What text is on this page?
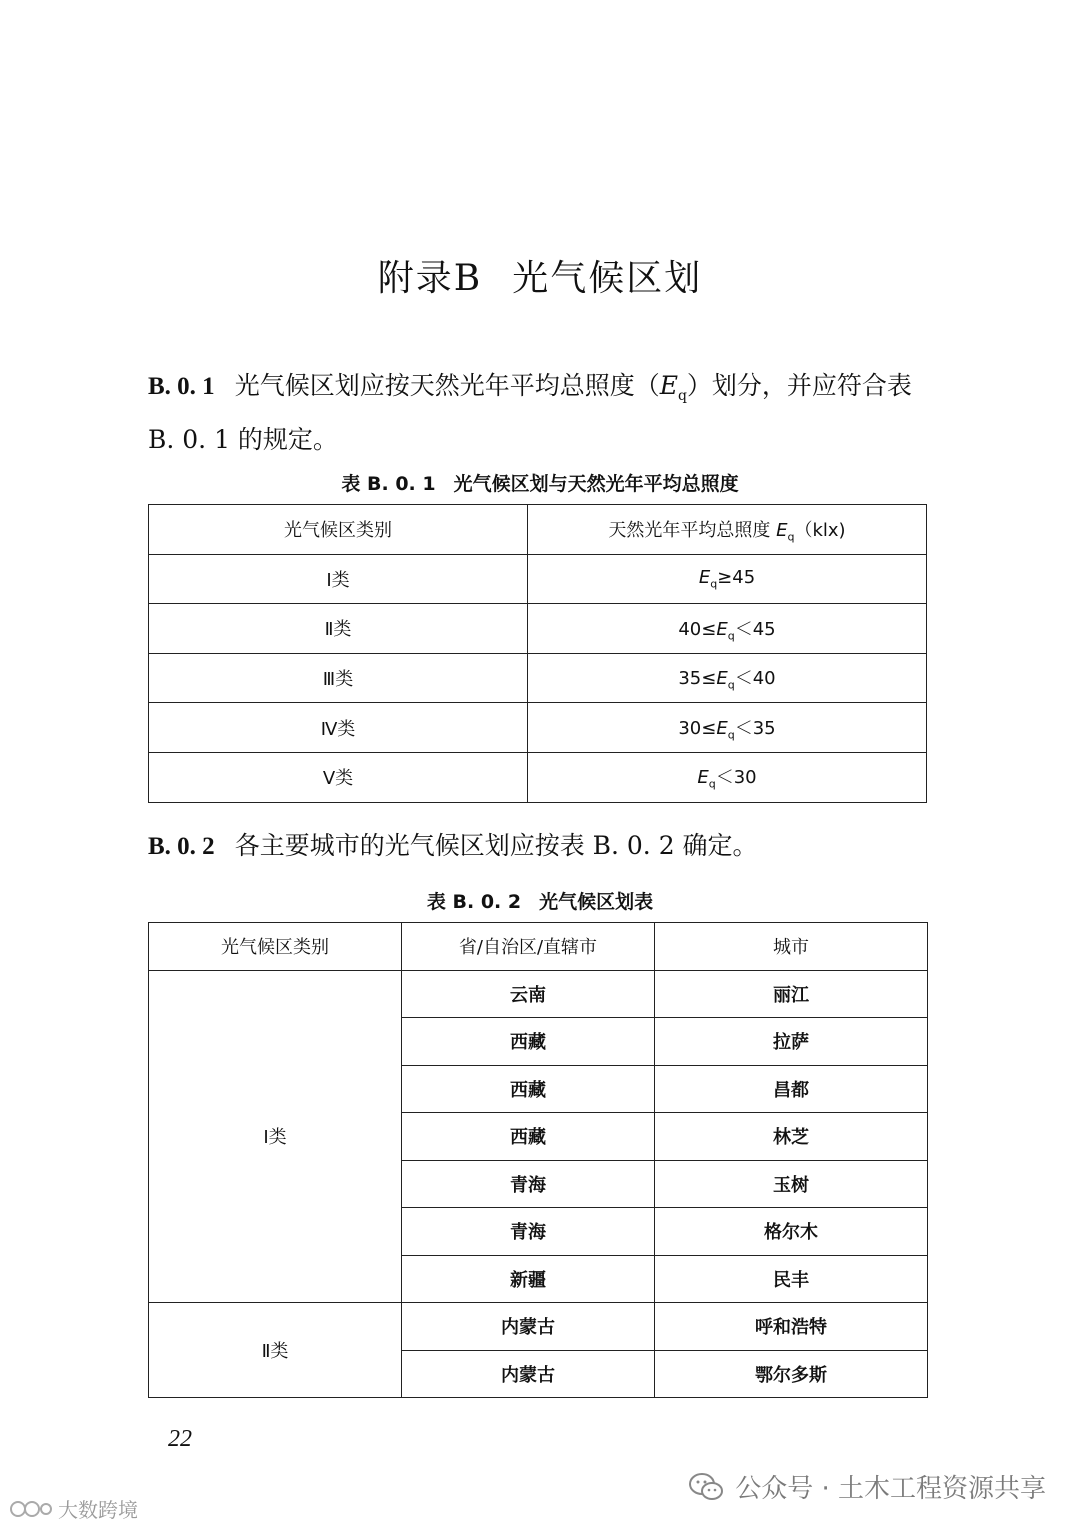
附录B 光气候区划
B. 0. 1 光气候区划应按天然光年平均总照度$(E_q)$划分，并应符合表 B. 0. 1 的规定。
表 B. 0. 1 光气候区划与天然光年平均总照度
光气候区类别	天然光年平均总照度 $E_q(klx)$
Ⅰ类	$E_q\ge 45$
Ⅱ类	$40\le E_q<45$
Ⅲ类	$35\le E_q<40$
Ⅳ类	$30\le E_q<35$
Ⅴ类	$E_q<30$
B. 0. 2 各主要城市的光气候区划应按表 B. 0. 2 确定。
表 B. 0. 2 光气候区划表
光气候区类别	省/自治区/直辖市	城市
Ⅰ类	云南	丽江
	西藏	拉萨
	西藏	昌都
	西藏	林芝
	青海	玉树
	青海	格尔木
	新疆	民丰
Ⅱ类	内蒙古	呼和浩特
	内蒙古	鄂尔多斯
22
大数跨境
公众号 · 土木工程资源共享
